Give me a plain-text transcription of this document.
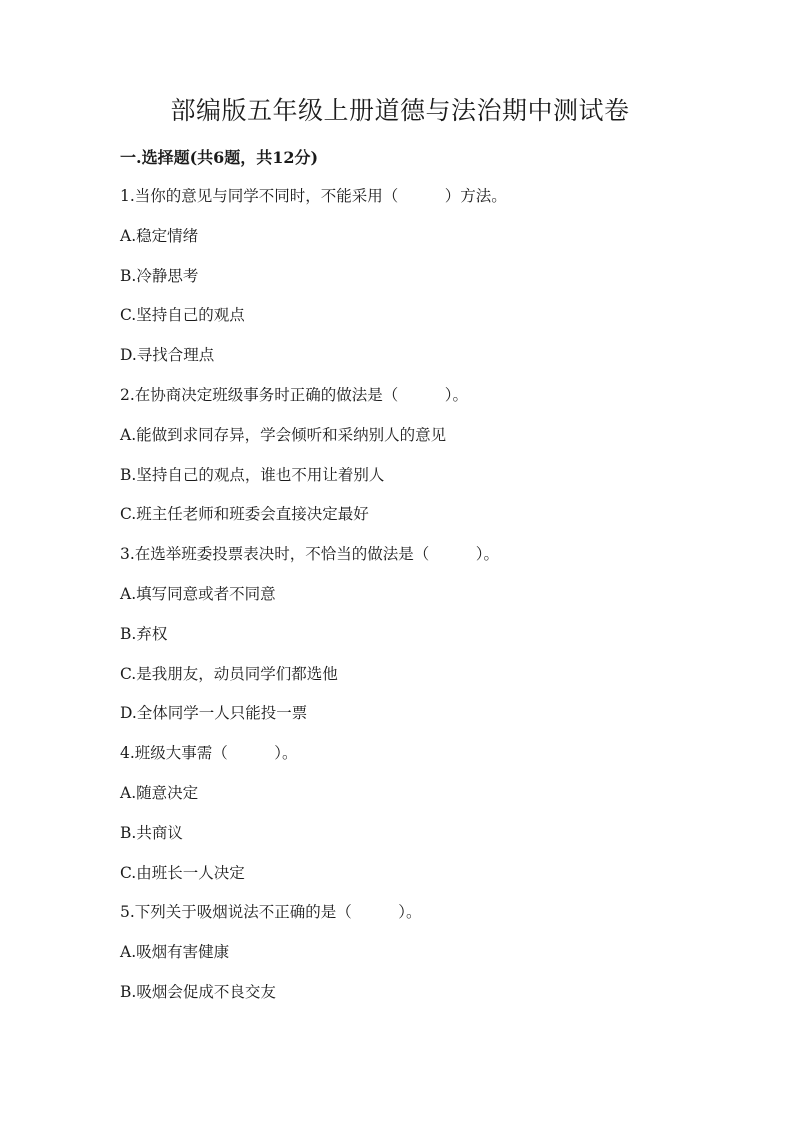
部编版五年级上册道德与法治期中测试卷
一.选择题(共6题，共12分)
1.当你的意见与同学不同时，不能采用（　　　）方法。
A.稳定情绪
B.冷静思考
C.坚持自己的观点
D.寻找合理点
2.在协商决定班级事务时正确的做法是（　　　）。
A.能做到求同存异，学会倾听和采纳别人的意见
B.坚持自己的观点，谁也不用让着别人
C.班主任老师和班委会直接决定最好
3.在选举班委投票表决时，不恰当的做法是（　　　）。
A.填写同意或者不同意
B.弃权
C.是我朋友，动员同学们都选他
D.全体同学一人只能投一票
4.班级大事需（　　　）。
A.随意决定
B.共商议
C.由班长一人决定
5.下列关于吸烟说法不正确的是（　　　）。
A.吸烟有害健康
B.吸烟会促成不良交友
